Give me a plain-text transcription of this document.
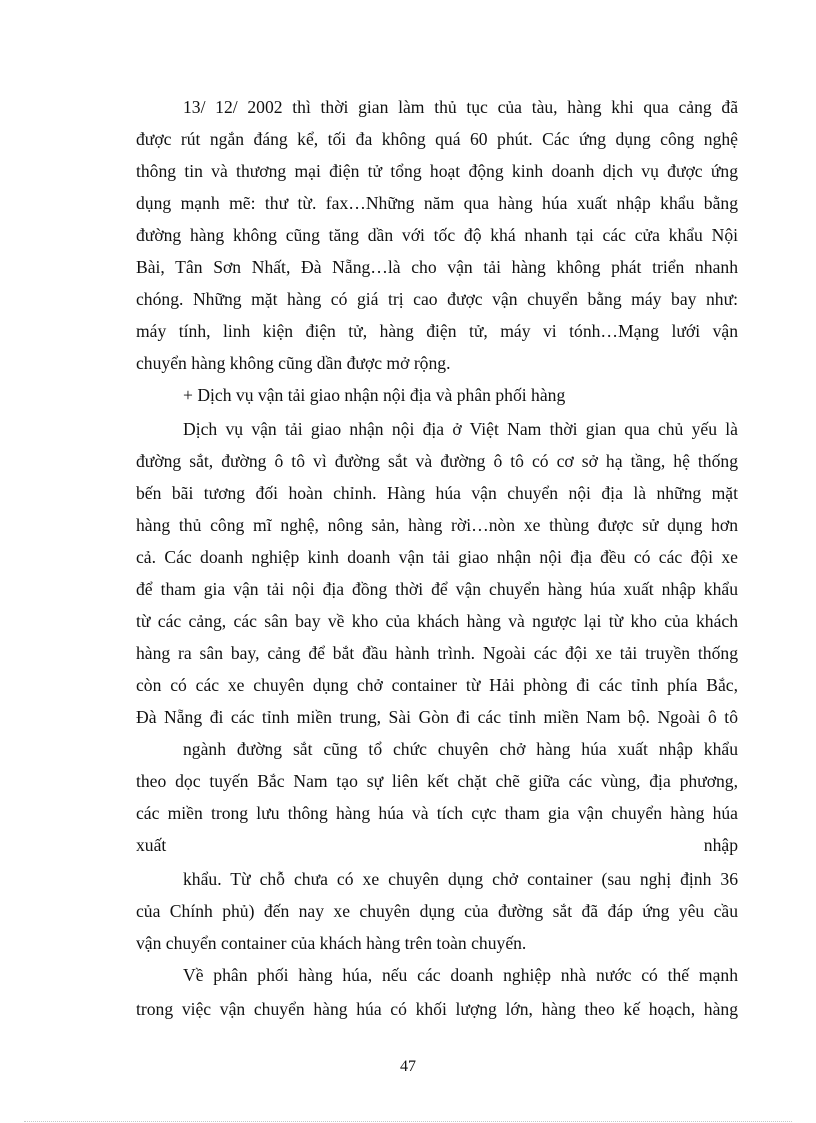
13/ 12/ 2002 thì thời gian làm thủ tục của tàu, hàng khi qua cảng đã
được rút ngắn đáng kể, tối đa không quá 60 phút. Các ứng dụng công nghệ
thông tin và thương mại điện tử tổng hoạt động kinh doanh dịch vụ được ứng
dụng mạnh mẽ: thư từ. fax…Những năm qua hàng húa xuất nhập khẩu bằng
đường hàng không cũng tăng dần với tốc độ khá nhanh tại các cửa khẩu Nội
Bài, Tân Sơn Nhất, Đà Nẵng…là cho vận tải hàng không phát triển nhanh
chóng. Những mặt hàng có giá trị cao được vận chuyển bằng máy bay như:
máy tính, linh kiện điện tử, hàng điện tử, máy vi tónh…Mạng lưới vận
chuyển hàng không cũng dần được mở rộng.
+ Dịch vụ vận tải giao nhận nội địa và phân phối hàng
Dịch vụ vận tải giao nhận nội địa ở Việt Nam thời gian qua chủ yếu là
đường sắt, đường ô tô vì đường sắt và đường ô tô có cơ sở hạ tầng, hệ thống
bến bãi tương đối hoàn chỉnh. Hàng húa vận chuyển nội địa là những mặt
hàng thủ công mĩ nghệ, nông sản, hàng rời…nòn xe thùng được sử dụng hơn
cả. Các doanh nghiệp kinh doanh vận tải giao nhận nội địa đều có các đội xe
để tham gia vận tải nội địa đồng thời để vận chuyển hàng húa xuất nhập khẩu
từ các cảng, các sân bay về kho của khách hàng và ngược lại từ kho của khách
hàng ra sân bay, cảng để bắt đầu hành trình. Ngoài các đội xe tải truyền thống
còn có các xe chuyên dụng chở container từ Hải phòng đi các tỉnh phía Bắc,
Đà Nẵng đi các tỉnh miền trung, Sài Gòn đi các tỉnh miền Nam bộ. Ngoài ô tô
ngành đường sắt cũng tổ chức chuyên chở hàng húa xuất nhập khẩu
theo dọc tuyến Bắc Nam tạo sự liên kết chặt chẽ giữa các vùng, địa phương,
các miền trong lưu thông hàng húa và tích cực tham gia vận chuyển hàng húa
xuất	nhập
khẩu. Từ chỗ chưa có xe chuyên dụng chở container (sau nghị định 36
của Chính phủ) đến nay xe chuyên dụng của đường sắt đã đáp ứng yêu cầu
vận chuyển container của khách hàng trên toàn chuyến.
Về phân phối hàng húa, nếu các doanh nghiệp nhà nước có thế mạnh
trong việc vận chuyển hàng húa có khối lượng lớn, hàng theo kế hoạch, hàng
47
